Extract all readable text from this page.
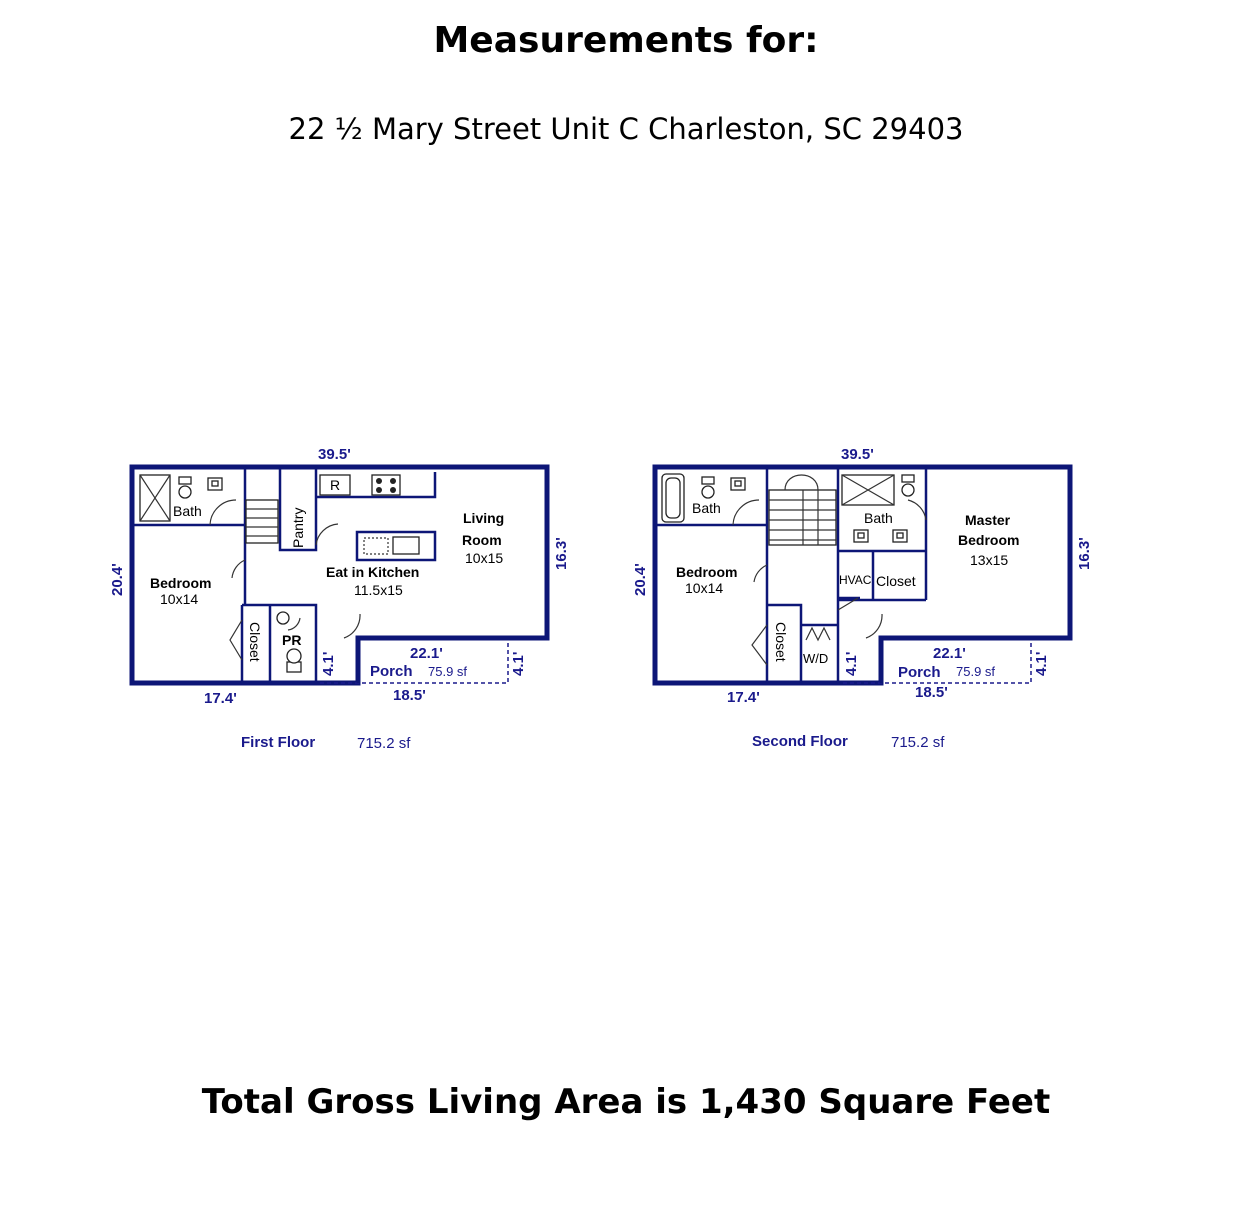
Measurements for:
22 ½ Mary Street Unit C Charleston, SC 29403
Bath	Pantry
R
Living
Room
10x15
Eat in Kitchen
11.5x15
Bedroom
10x14
Closet PR
39.5'
20.4'
16.3'
17.4'	18.5'
22.1'
4.1'	4.1'
Porch 75.9 sf
First Floor	715.2 sf
Bath
Bath	Master
Bedroom
13x15
Bedroom
10x14
Closet
Closet
W/D
HVAC
39.5'
20.4'
16.3'
17.4'	18.5'
22.1'
4.1'	4.1'
Porch 75.9 sf
Second Floor	715.2 sf
Total Gross Living Area is 1,430 Square Feet
